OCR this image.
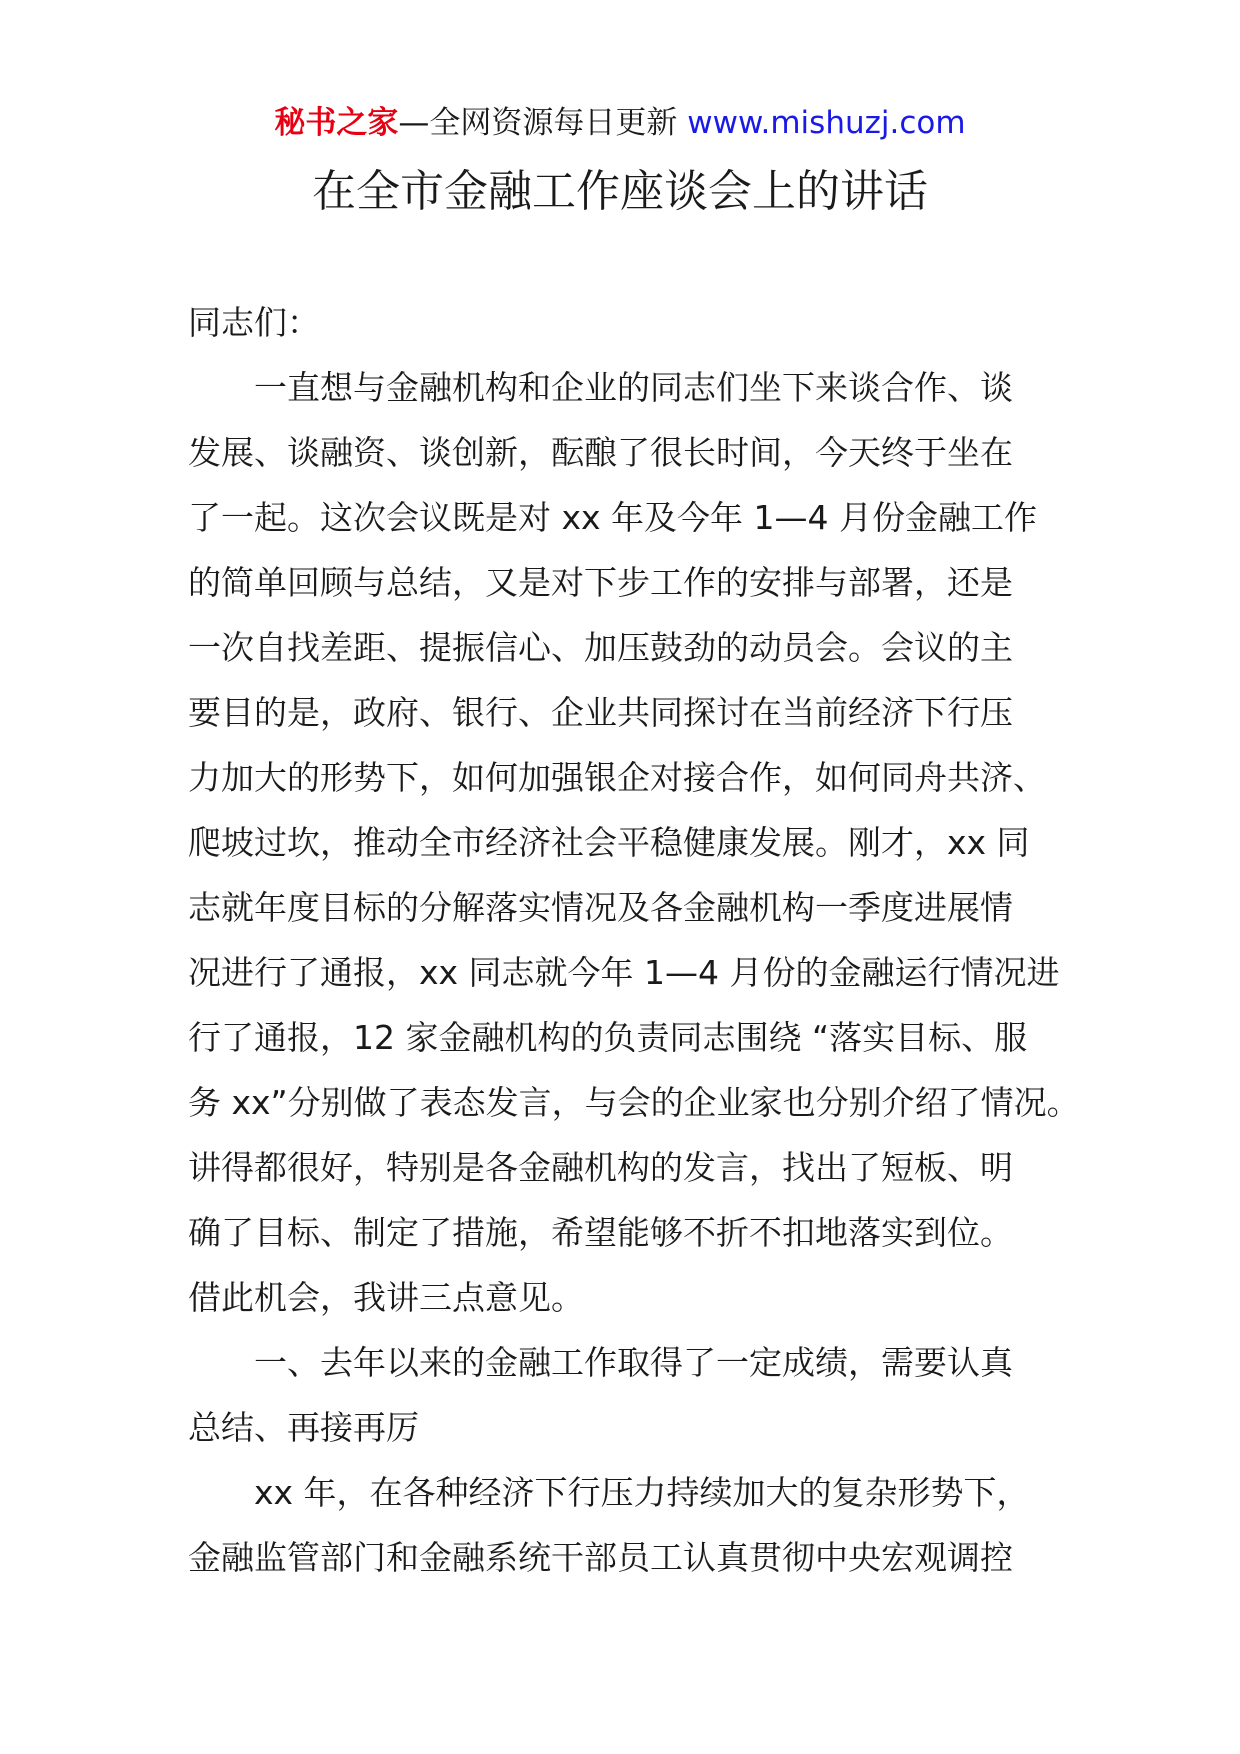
秘书之家—全网资源每日更新 www.mishuzj.com
在全市金融工作座谈会上的讲话
同志们：
一直想与金融机构和企业的同志们坐下来谈合作、谈
发展、谈融资、谈创新，酝酿了很长时间，今天终于坐在
了一起。这次会议既是对 xx 年及今年 1—4 月份金融工作
的简单回顾与总结，又是对下步工作的安排与部署，还是
一次自找差距、提振信心、加压鼓劲的动员会。会议的主
要目的是，政府、银行、企业共同探讨在当前经济下行压
力加大的形势下，如何加强银企对接合作，如何同舟共济、
爬坡过坎，推动全市经济社会平稳健康发展。刚才，xx 同
志就年度目标的分解落实情况及各金融机构一季度进展情
况进行了通报，xx 同志就今年 1—4 月份的金融运行情况进
行了通报，12 家金融机构的负责同志围绕 “落实目标、服
务 xx”分别做了表态发言，与会的企业家也分别介绍了情况。
讲得都很好，特别是各金融机构的发言，找出了短板、明
确了目标、制定了措施，希望能够不折不扣地落实到位。
借此机会，我讲三点意见。
一、去年以来的金融工作取得了一定成绩，需要认真
总结、再接再厉
xx 年，在各种经济下行压力持续加大的复杂形势下，
金融监管部门和金融系统干部员工认真贯彻中央宏观调控
